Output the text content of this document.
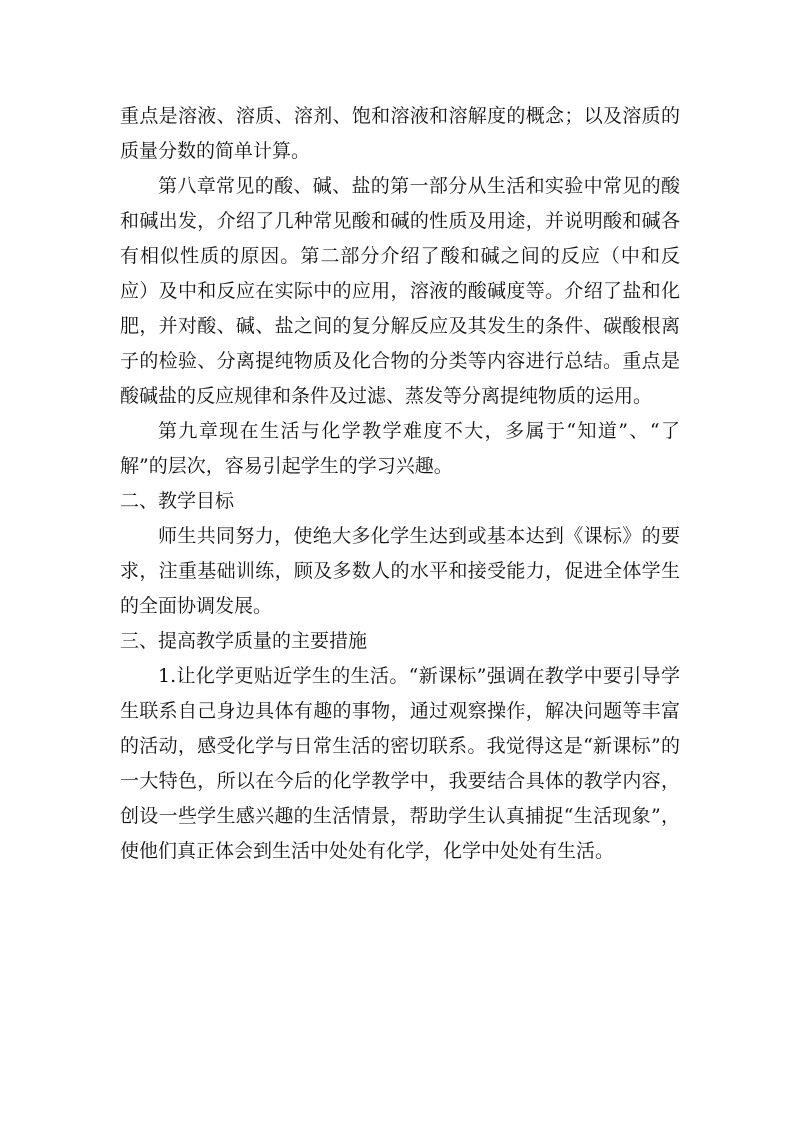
重点是溶液、溶质、溶剂、饱和溶液和溶解度的概念；以及溶质的质量分数的简单计算。

第八章常见的酸、碱、盐的第一部分从生活和实验中常见的酸和碱出发，介绍了几种常见酸和碱的性质及用途，并说明酸和碱各有相似性质的原因。第二部分介绍了酸和碱之间的反应（中和反应）及中和反应在实际中的应用，溶液的酸碱度等。介绍了盐和化肥，并对酸、碱、盐之间的复分解反应及其发生的条件、碳酸根离子的检验、分离提纯物质及化合物的分类等内容进行总结。重点是酸碱盐的反应规律和条件及过滤、蒸发等分离提纯物质的运用。

第九章现在生活与化学教学难度不大，多属于“知道”、“了解”的层次，容易引起学生的学习兴趣。

二、教学目标

师生共同努力，使绝大多化学生达到或基本达到《课标》的要求，注重基础训练，顾及多数人的水平和接受能力，促进全体学生的全面协调发展。

三、提高教学质量的主要措施

1.让化学更贴近学生的生活。“新课标”强调在教学中要引导学生联系自己身边具体有趣的事物，通过观察操作，解决问题等丰富的活动，感受化学与日常生活的密切联系。我觉得这是“新课标”的一大特色，所以在今后的化学教学中，我要结合具体的教学内容，创设一些学生感兴趣的生活情景，帮助学生认真捕捉“生活现象”，使他们真正体会到生活中处处有化学，化学中处处有生活。
